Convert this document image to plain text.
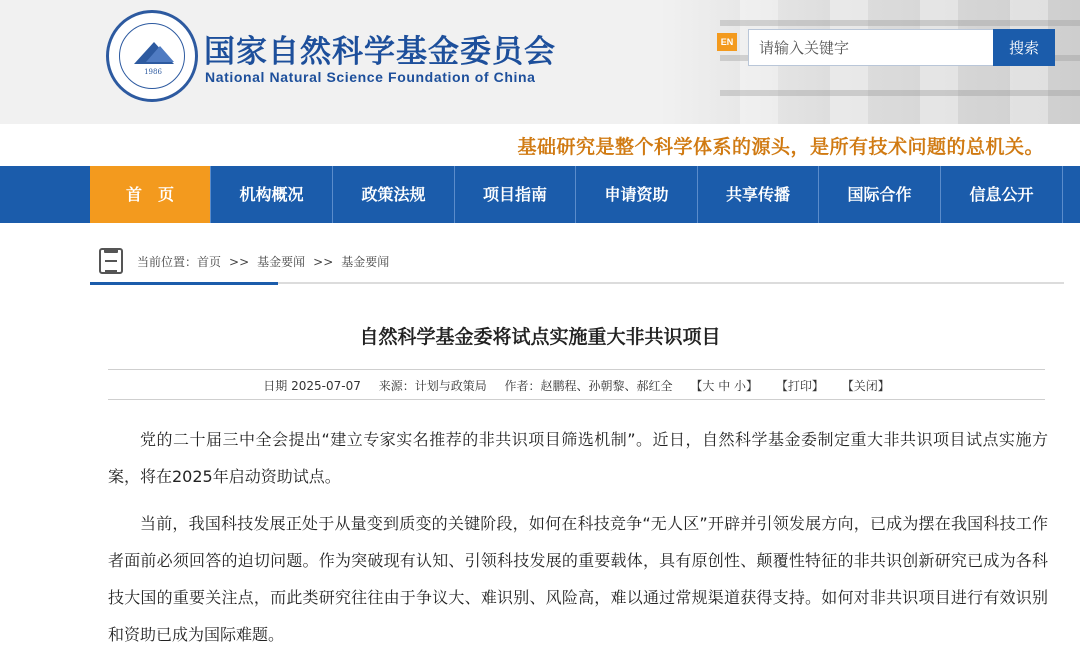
1986
国家自然科学基金委员会
National Natural Science Foundation of China
EN
请输入关键字	搜索
基础研究是整个科学体系的源头，是所有技术问题的总机关。
首　页	机构概况	政策法规	项目指南	申请资助	共享传播	国际合作	信息公开
当前位置：首页 >> 基金要闻 >> 基金要闻
自然科学基金委将试点实施重大非共识项目
日期 2025-07-07 来源：计划与政策局 作者：赵鹏程、孙朝黎、郝红全 【大 中 小】 【打印】 【关闭】

党的二十届三中全会提出“建立专家实名推荐的非共识项目筛选机制”。近日，自然科学基金委制定重大非共识项目试点实施方案，将在2025年启动资助试点。

当前，我国科技发展正处于从量变到质变的关键阶段，如何在科技竞争“无人区”开辟并引领发展方向，已成为摆在我国科技工作者面前必须回答的迫切问题。作为突破现有认知、引领科技发展的重要载体，具有原创性、颠覆性特征的非共识创新研究已成为各科技大国的重要关注点，而此类研究往往由于争议大、难识别、风险高，难以通过常规渠道获得支持。如何对非共识项目进行有效识别和资助已成为国际难题。
